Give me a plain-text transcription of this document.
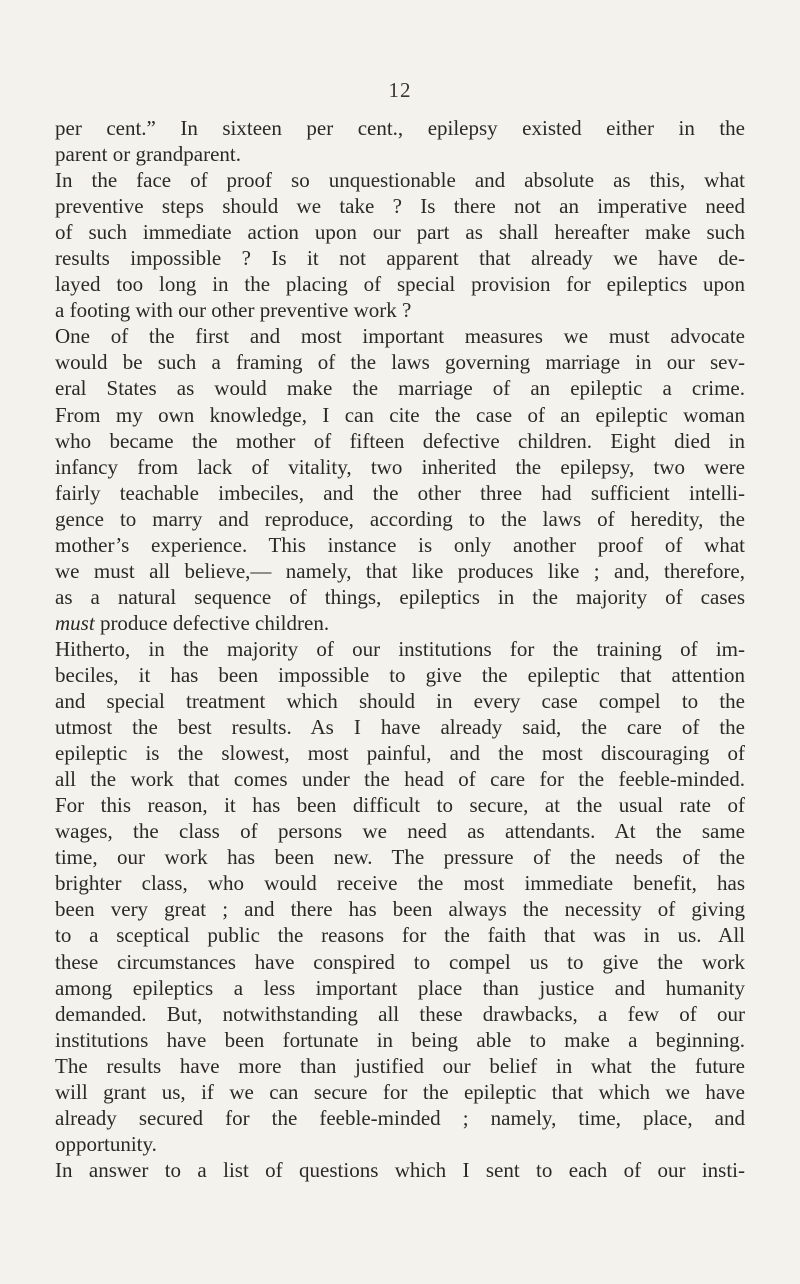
12
per cent.” In sixteen per cent., epilepsy existed either in the
parent or grandparent.
In the face of proof so unquestionable and absolute as this, what
preventive steps should we take ? Is there not an imperative need
of such immediate action upon our part as shall hereafter make such
results impossible ? Is it not apparent that already we have de-
layed too long in the placing of special provision for epileptics upon
a footing with our other preventive work ?
One of the first and most important measures we must advocate
would be such a framing of the laws governing marriage in our sev-
eral States as would make the marriage of an epileptic a crime.
From my own knowledge, I can cite the case of an epileptic woman
who became the mother of fifteen defective children. Eight died in
infancy from lack of vitality, two inherited the epilepsy, two were
fairly teachable imbeciles, and the other three had sufficient intelli-
gence to marry and reproduce, according to the laws of heredity, the
mother’s experience. This instance is only another proof of what
we must all believe,— namely, that like produces like ; and, therefore,
as a natural sequence of things, epileptics in the majority of cases
must produce defective children.
Hitherto, in the majority of our institutions for the training of im-
beciles, it has been impossible to give the epileptic that attention
and special treatment which should in every case compel to the
utmost the best results. As I have already said, the care of the
epileptic is the slowest, most painful, and the most discouraging of
all the work that comes under the head of care for the feeble-minded.
For this reason, it has been difficult to secure, at the usual rate of
wages, the class of persons we need as attendants. At the same
time, our work has been new. The pressure of the needs of the
brighter class, who would receive the most immediate benefit, has
been very great ; and there has been always the necessity of giving
to a sceptical public the reasons for the faith that was in us. All
these circumstances have conspired to compel us to give the work
among epileptics a less important place than justice and humanity
demanded. But, notwithstanding all these drawbacks, a few of our
institutions have been fortunate in being able to make a beginning.
The results have more than justified our belief in what the future
will grant us, if we can secure for the epileptic that which we have
already secured for the feeble-minded ; namely, time, place, and
opportunity.
In answer to a list of questions which I sent to each of our insti-
